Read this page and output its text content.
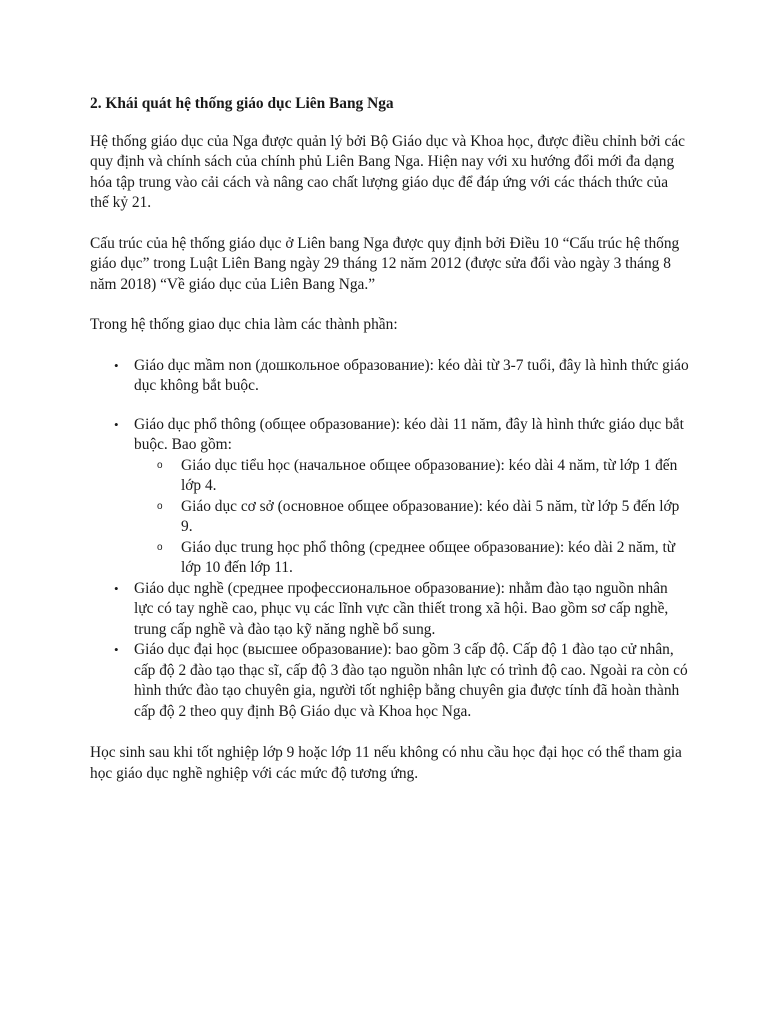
2. Khái quát hệ thống giáo dục Liên Bang Nga

Hệ thống giáo dục của Nga được quản lý bởi Bộ Giáo dục và Khoa học, được điều chỉnh bởi các quy định và chính sách của chính phủ Liên Bang Nga. Hiện nay với xu hướng đổi mới đa dạng hóa tập trung vào cải cách và nâng cao chất lượng giáo dục để đáp ứng với các thách thức của thế kỷ 21.

Cấu trúc của hệ thống giáo dục ở Liên bang Nga được quy định bởi Điều 10 “Cấu trúc hệ thống giáo dục” trong Luật Liên Bang ngày 29 tháng 12 năm 2012 (được sửa đổi vào ngày 3 tháng 8 năm 2018) “Về giáo dục của Liên Bang Nga.”

Trong hệ thống giao dục chia làm các thành phần:

• Giáo dục mầm non (дошкольное образование): kéo dài từ 3-7 tuổi, đây là hình thức giáo dục không bắt buộc.
• Giáo dục phổ thông (общее образование): kéo dài 11 năm, đây là hình thức giáo dục bắt buộc. Bao gồm:
o Giáo dục tiểu học (начальное общее образование): kéo dài 4 năm, từ lớp 1 đến lớp 4.
o Giáo dục cơ sở (основное общее образование): kéo dài 5 năm, từ lớp 5 đến lớp 9.
o Giáo dục trung học phổ thông (среднее общее образование): kéo dài 2 năm, từ lớp 10 đến lớp 11.
• Giáo dục nghề (среднее профессиональное образование): nhằm đào tạo nguồn nhân lực có tay nghề cao, phục vụ các lĩnh vực cần thiết trong xã hội. Bao gồm sơ cấp nghề, trung cấp nghề và đào tạo kỹ năng nghề bổ sung.
• Giáo dục đại học (высшее образование): bao gồm 3 cấp độ. Cấp độ 1 đào tạo cử nhân, cấp độ 2 đào tạo thạc sĩ, cấp độ 3 đào tạo nguồn nhân lực có trình độ cao. Ngoài ra còn có hình thức đào tạo chuyên gia, người tốt nghiệp bằng chuyên gia được tính đã hoàn thành cấp độ 2 theo quy định Bộ Giáo dục và Khoa học Nga.

Học sinh sau khi tốt nghiệp lớp 9 hoặc lớp 11 nếu không có nhu cầu học đại học có thể tham gia học giáo dục nghề nghiệp với các mức độ tương ứng.
